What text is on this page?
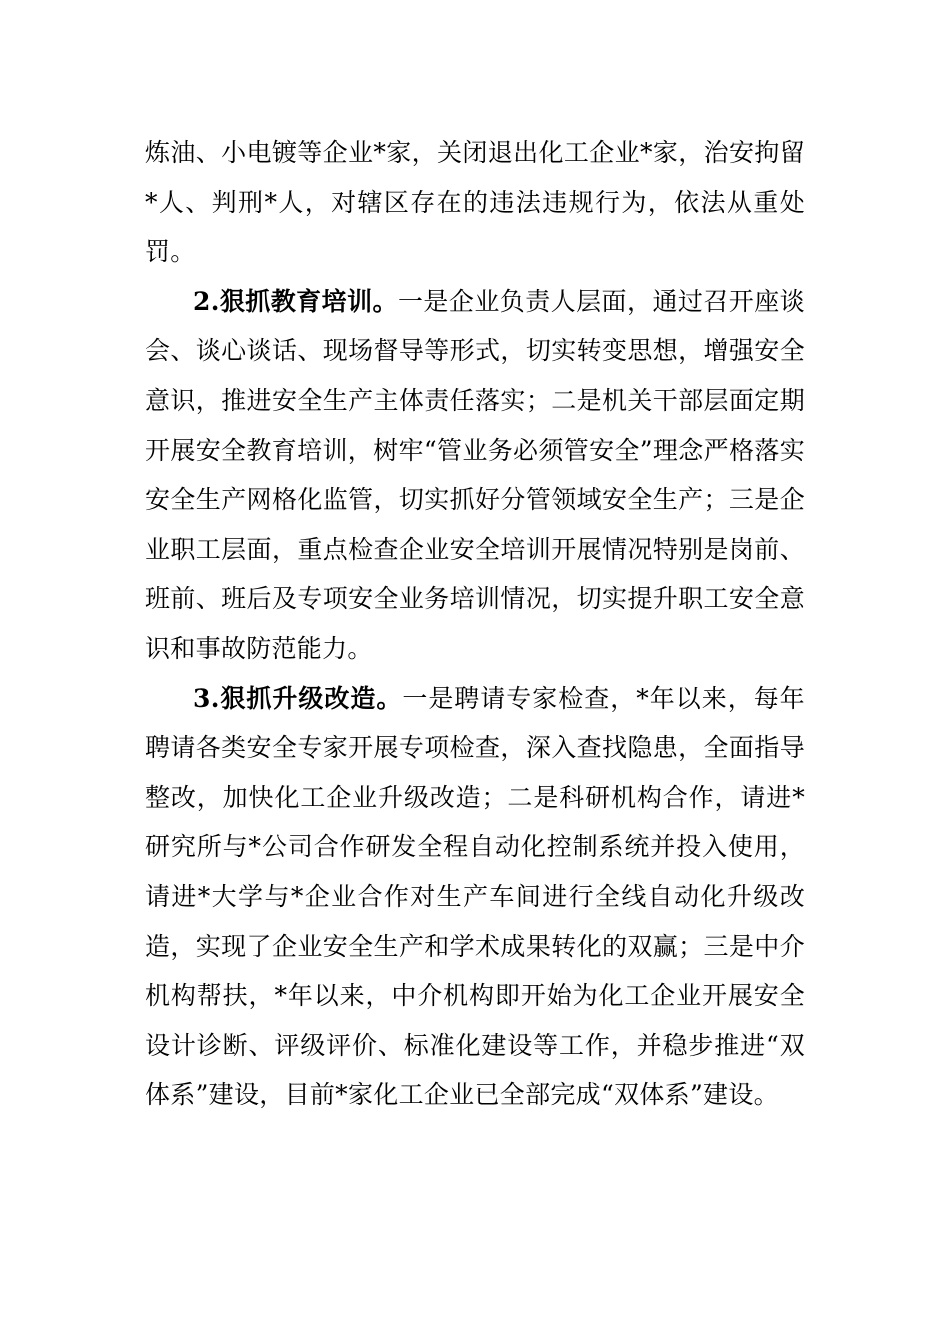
炼油、小电镀等企业*家，关闭退出化工企业*家，治安拘留*人、判刑*人，对辖区存在的违法违规行为，依法从重处罚。

2.狠抓教育培训。一是企业负责人层面，通过召开座谈会、谈心谈话、现场督导等形式，切实转变思想，增强安全意识，推进安全生产主体责任落实；二是机关干部层面定期开展安全教育培训，树牢“管业务必须管安全”理念严格落实安全生产网格化监管，切实抓好分管领域安全生产；三是企业职工层面，重点检查企业安全培训开展情况特别是岗前、班前、班后及专项安全业务培训情况，切实提升职工安全意识和事故防范能力。

3.狠抓升级改造。一是聘请专家检查，*年以来，每年聘请各类安全专家开展专项检查，深入查找隐患，全面指导整改，加快化工企业升级改造；二是科研机构合作，请进*研究所与*公司合作研发全程自动化控制系统并投入使用，请进*大学与*企业合作对生产车间进行全线自动化升级改造，实现了企业安全生产和学术成果转化的双赢；三是中介机构帮扶，*年以来，中介机构即开始为化工企业开展安全设计诊断、评级评价、标准化建设等工作，并稳步推进“双体系”建设，目前*家化工企业已全部完成“双体系”建设。
